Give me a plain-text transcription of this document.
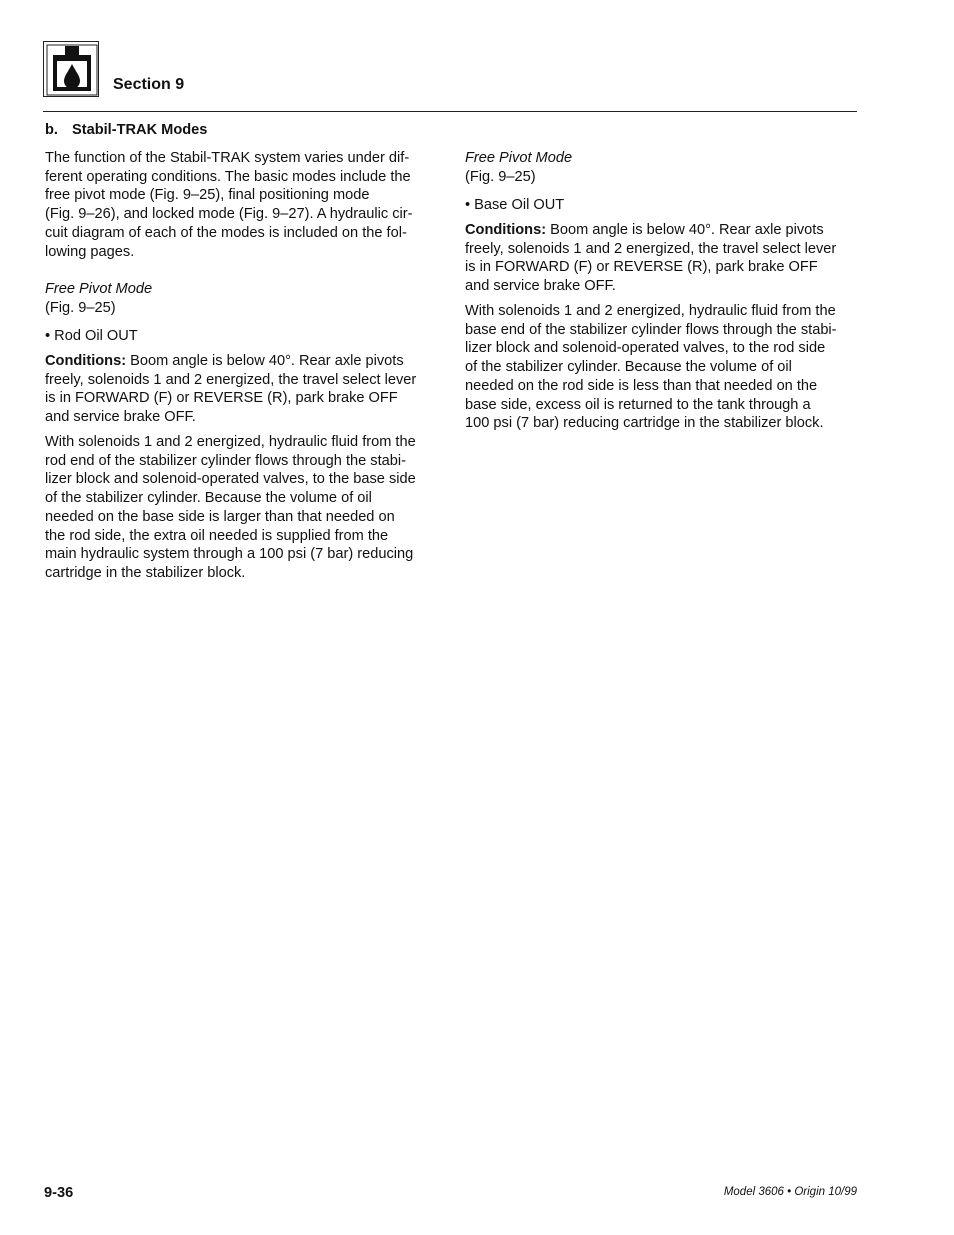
Section 9
b. Stabil-TRAK Modes
The function of the Stabil-TRAK system varies under dif-
ferent operating conditions. The basic modes include the
free pivot mode (Fig. 9–25), final positioning mode
(Fig. 9–26), and locked mode (Fig. 9–27). A hydraulic cir-
cuit diagram of each of the modes is included on the fol-
lowing pages.
Free Pivot Mode
(Fig. 9–25)
• Rod Oil OUT
Conditions: Boom angle is below 40°. Rear axle pivots
freely, solenoids 1 and 2 energized, the travel select lever
is in FORWARD (F) or REVERSE (R), park brake OFF
and service brake OFF.
With solenoids 1 and 2 energized, hydraulic fluid from the
rod end of the stabilizer cylinder flows through the stabi-
lizer block and solenoid-operated valves, to the base side
of the stabilizer cylinder. Because the volume of oil
needed on the base side is larger than that needed on
the rod side, the extra oil needed is supplied from the
main hydraulic system through a 100 psi (7 bar) reducing
cartridge in the stabilizer block.
Free Pivot Mode
(Fig. 9–25)
• Base Oil OUT
Conditions: Boom angle is below 40°. Rear axle pivots
freely, solenoids 1 and 2 energized, the travel select lever
is in FORWARD (F) or REVERSE (R), park brake OFF
and service brake OFF.
With solenoids 1 and 2 energized, hydraulic fluid from the
base end of the stabilizer cylinder flows through the stabi-
lizer block and solenoid-operated valves, to the rod side
of the stabilizer cylinder. Because the volume of oil
needed on the rod side is less than that needed on the
base side, excess oil is returned to the tank through a
100 psi (7 bar) reducing cartridge in the stabilizer block.
9-36	Model 3606 • Origin 10/99
